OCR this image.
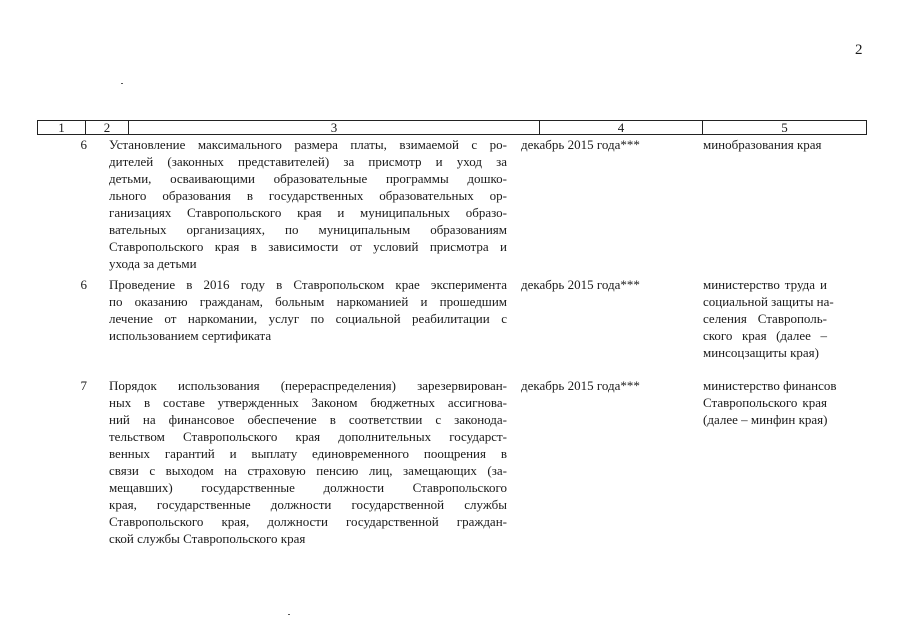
2
1	2	3	4	5
6	Установление максимального размера платы, взимаемой с ро-
дителей (законных представителей) за присмотр и уход за
детьми, осваивающими образовательные программы дошко-
льного образования в государственных образовательных ор-
ганизациях Ставропольского края и муниципальных образо-
вательных организациях, по муниципальным образованиям
Ставропольского края в зависимости от условий присмотра и
ухода за детьми
декабрь 2015 года***	минобразования края
6	Проведение в 2016 году в Ставропольском крае эксперимента
по оказанию гражданам, больным наркоманией и прошедшим
лечение от наркомании, услуг по социальной реабилитации с
использованием сертификата
декабрь 2015 года***	министерство труда и
социальной защиты на-
селения Ставрополь-
ского края (далее –
минсоцзащиты края)
7	Порядок использования (перераспределения) зарезервирован-
ных в составе утвержденных Законом бюджетных ассигнова-
ний на финансовое обеспечение в соответствии с законода-
тельством Ставропольского края дополнительных государст-
венных гарантий и выплату единовременного поощрения в
связи с выходом на страховую пенсию лиц, замещающих (за-
мещавших) государственные должности Ставропольского
края, государственные должности государственной службы
Ставропольского края, должности государственной граждан-
ской службы Ставропольского края
декабрь 2015 года***	министерство финансов
Ставропольского края
(далее – минфин края)
